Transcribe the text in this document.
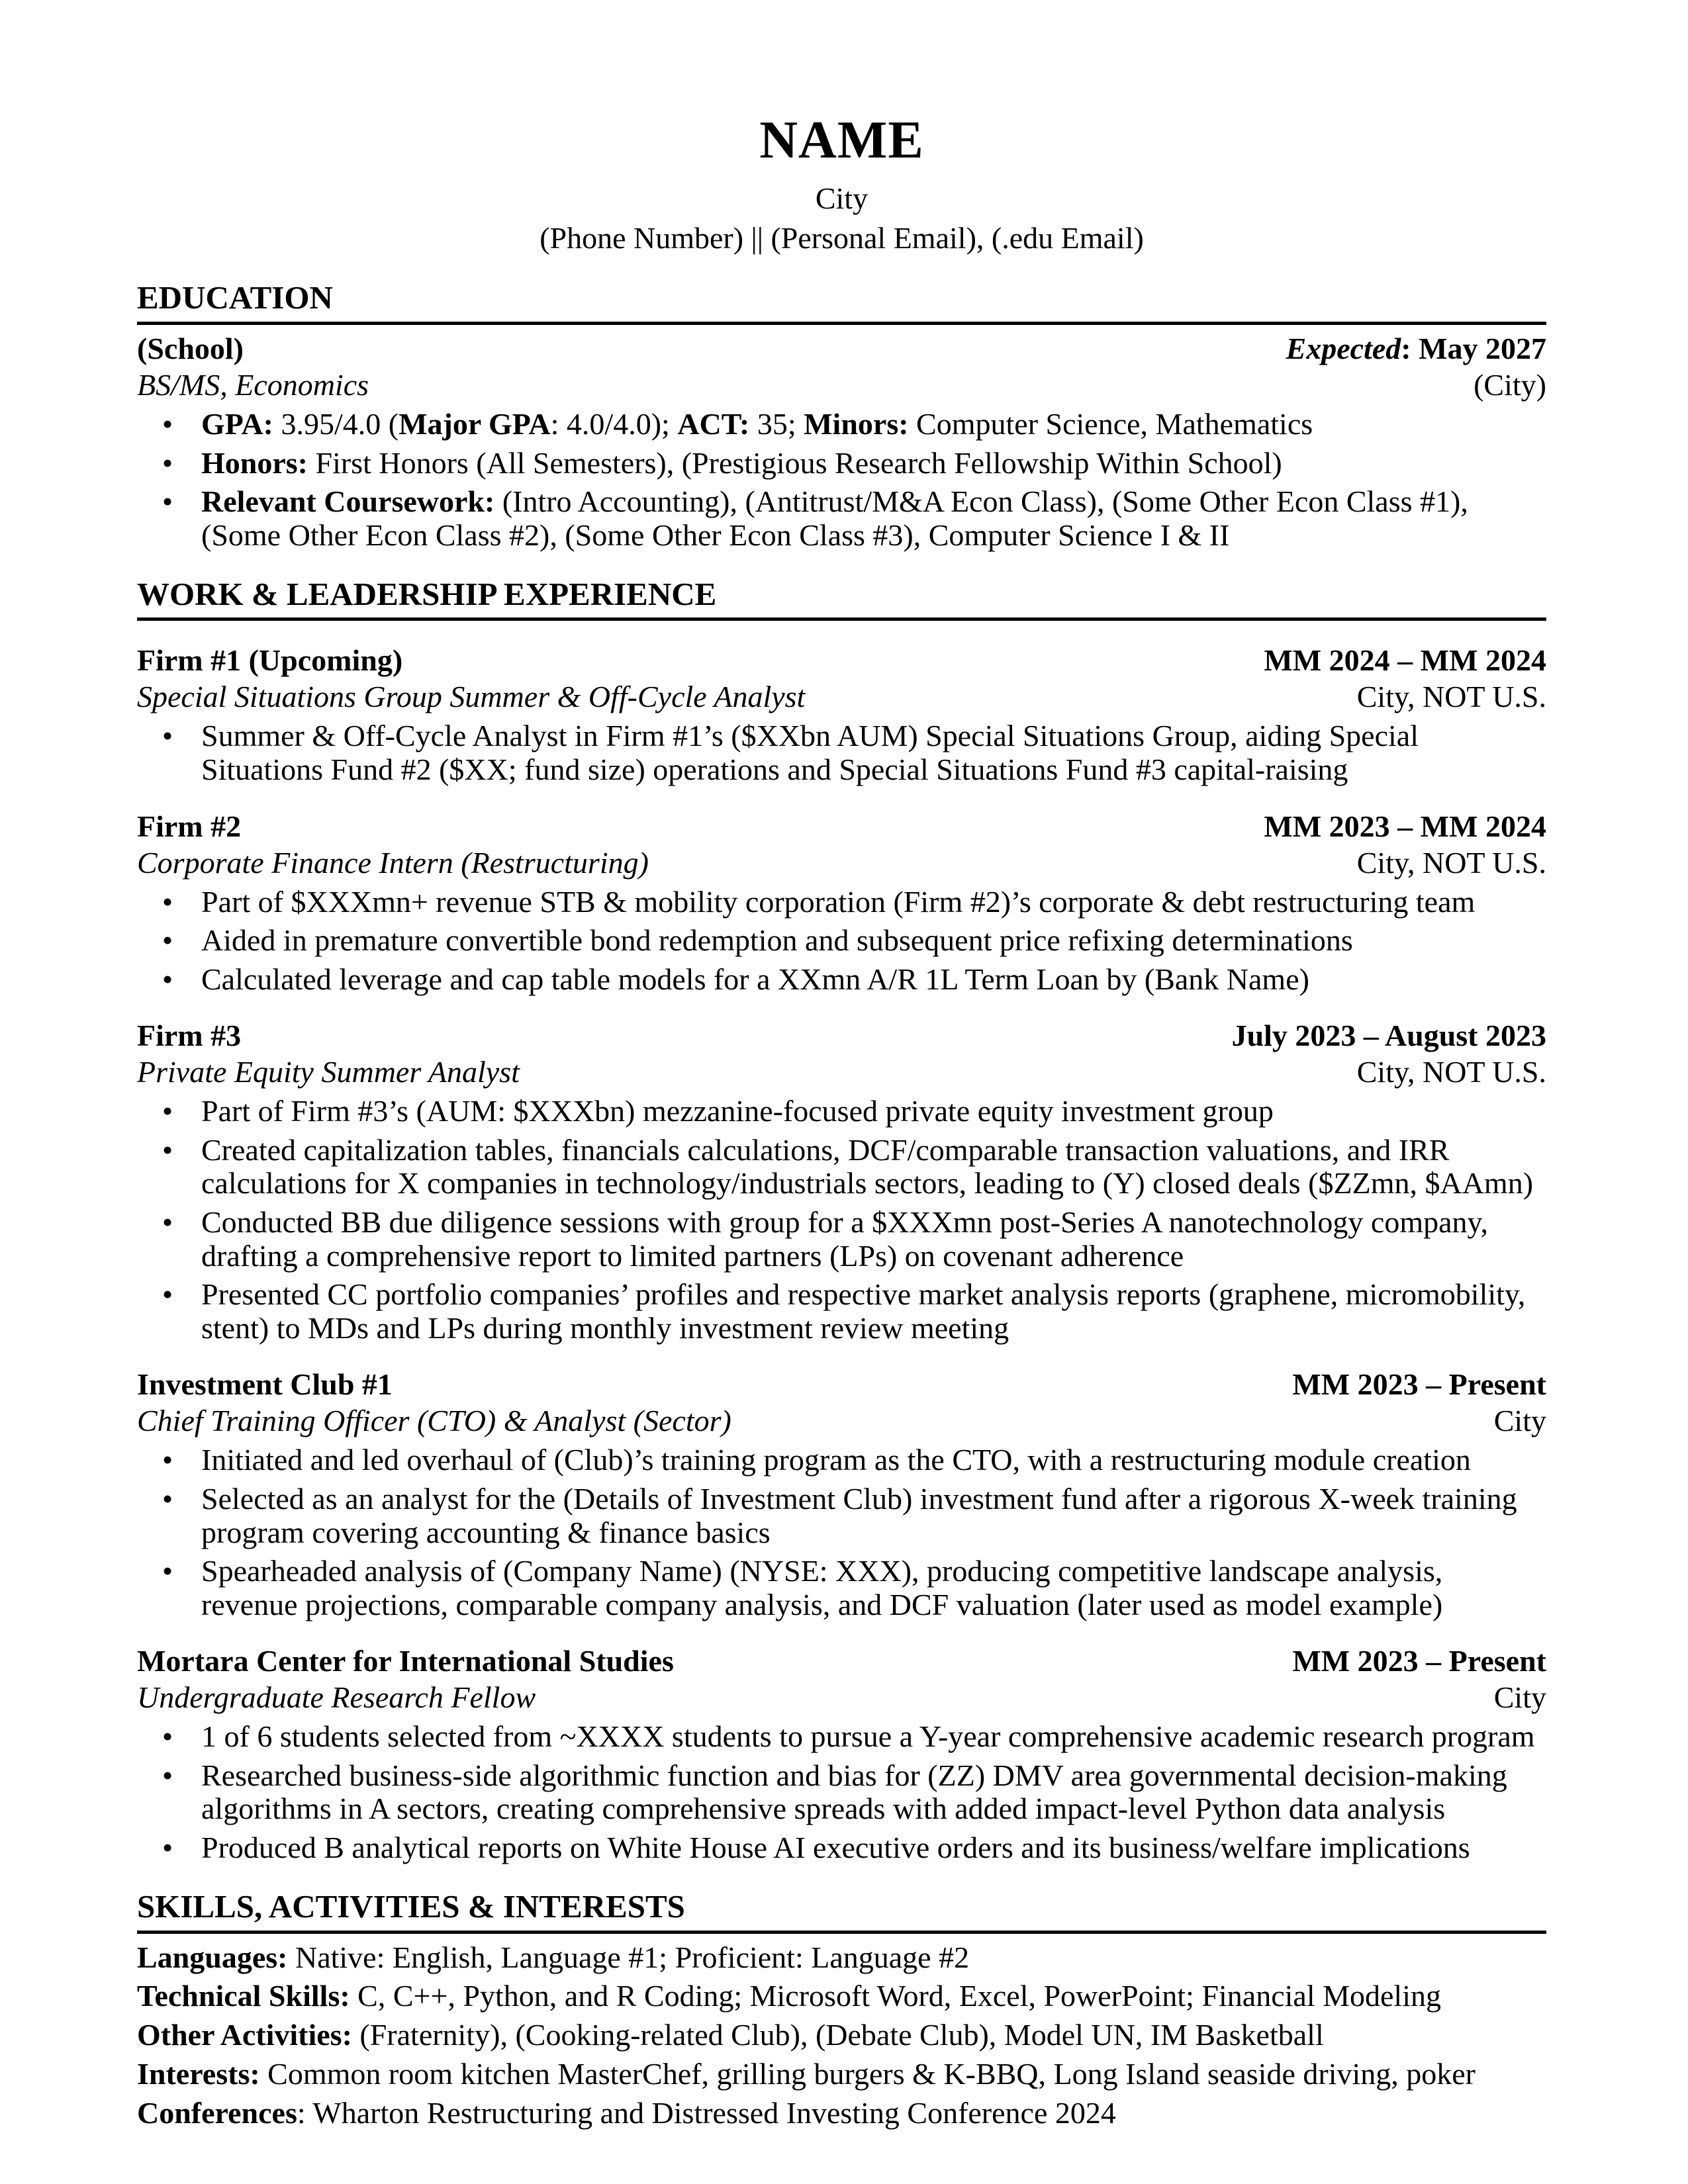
NAME
City
(Phone Number) || (Personal Email), (.edu Email)
EDUCATION
(School)	Expected: May 2027
BS/MS, Economics	(City)
• GPA: 3.95/4.0 (Major GPA: 4.0/4.0); ACT: 35; Minors: Computer Science, Mathematics
• Honors: First Honors (All Semesters), (Prestigious Research Fellowship Within School)
• Relevant Coursework: (Intro Accounting), (Antitrust/M&A Econ Class), (Some Other Econ Class #1), (Some Other Econ Class #2), (Some Other Econ Class #3), Computer Science I & II
WORK & LEADERSHIP EXPERIENCE
Firm #1 (Upcoming)	MM 2024 – MM 2024
Special Situations Group Summer & Off-Cycle Analyst	City, NOT U.S.
• Summer & Off-Cycle Analyst in Firm #1’s ($XXbn AUM) Special Situations Group, aiding Special Situations Fund #2 ($XX; fund size) operations and Special Situations Fund #3 capital-raising
Firm #2	MM 2023 – MM 2024
Corporate Finance Intern (Restructuring)	City, NOT U.S.
• Part of $XXXmn+ revenue STB & mobility corporation (Firm #2)’s corporate & debt restructuring team
• Aided in premature convertible bond redemption and subsequent price refixing determinations
• Calculated leverage and cap table models for a XXmn A/R 1L Term Loan by (Bank Name)
Firm #3	July 2023 – August 2023
Private Equity Summer Analyst	City, NOT U.S.
• Part of Firm #3’s (AUM: $XXXbn) mezzanine-focused private equity investment group
• Created capitalization tables, financials calculations, DCF/comparable transaction valuations, and IRR calculations for X companies in technology/industrials sectors, leading to (Y) closed deals ($ZZmn, $AAmn)
• Conducted BB due diligence sessions with group for a $XXXmn post-Series A nanotechnology company, drafting a comprehensive report to limited partners (LPs) on covenant adherence
• Presented CC portfolio companies’ profiles and respective market analysis reports (graphene, micromobility, stent) to MDs and LPs during monthly investment review meeting
Investment Club #1	MM 2023 – Present
Chief Training Officer (CTO) & Analyst (Sector)	City
• Initiated and led overhaul of (Club)’s training program as the CTO, with a restructuring module creation
• Selected as an analyst for the (Details of Investment Club) investment fund after a rigorous X-week training program covering accounting & finance basics
• Spearheaded analysis of (Company Name) (NYSE: XXX), producing competitive landscape analysis, revenue projections, comparable company analysis, and DCF valuation (later used as model example)
Mortara Center for International Studies	MM 2023 – Present
Undergraduate Research Fellow	City
• 1 of 6 students selected from ~XXXX students to pursue a Y-year comprehensive academic research program
• Researched business-side algorithmic function and bias for (ZZ) DMV area governmental decision-making algorithms in A sectors, creating comprehensive spreads with added impact-level Python data analysis
• Produced B analytical reports on White House AI executive orders and its business/welfare implications
SKILLS, ACTIVITIES & INTERESTS
Languages: Native: English, Language #1; Proficient: Language #2
Technical Skills: C, C++, Python, and R Coding; Microsoft Word, Excel, PowerPoint; Financial Modeling
Other Activities: (Fraternity), (Cooking-related Club), (Debate Club), Model UN, IM Basketball
Interests: Common room kitchen MasterChef, grilling burgers & K-BBQ, Long Island seaside driving, poker
Conferences: Wharton Restructuring and Distressed Investing Conference 2024
